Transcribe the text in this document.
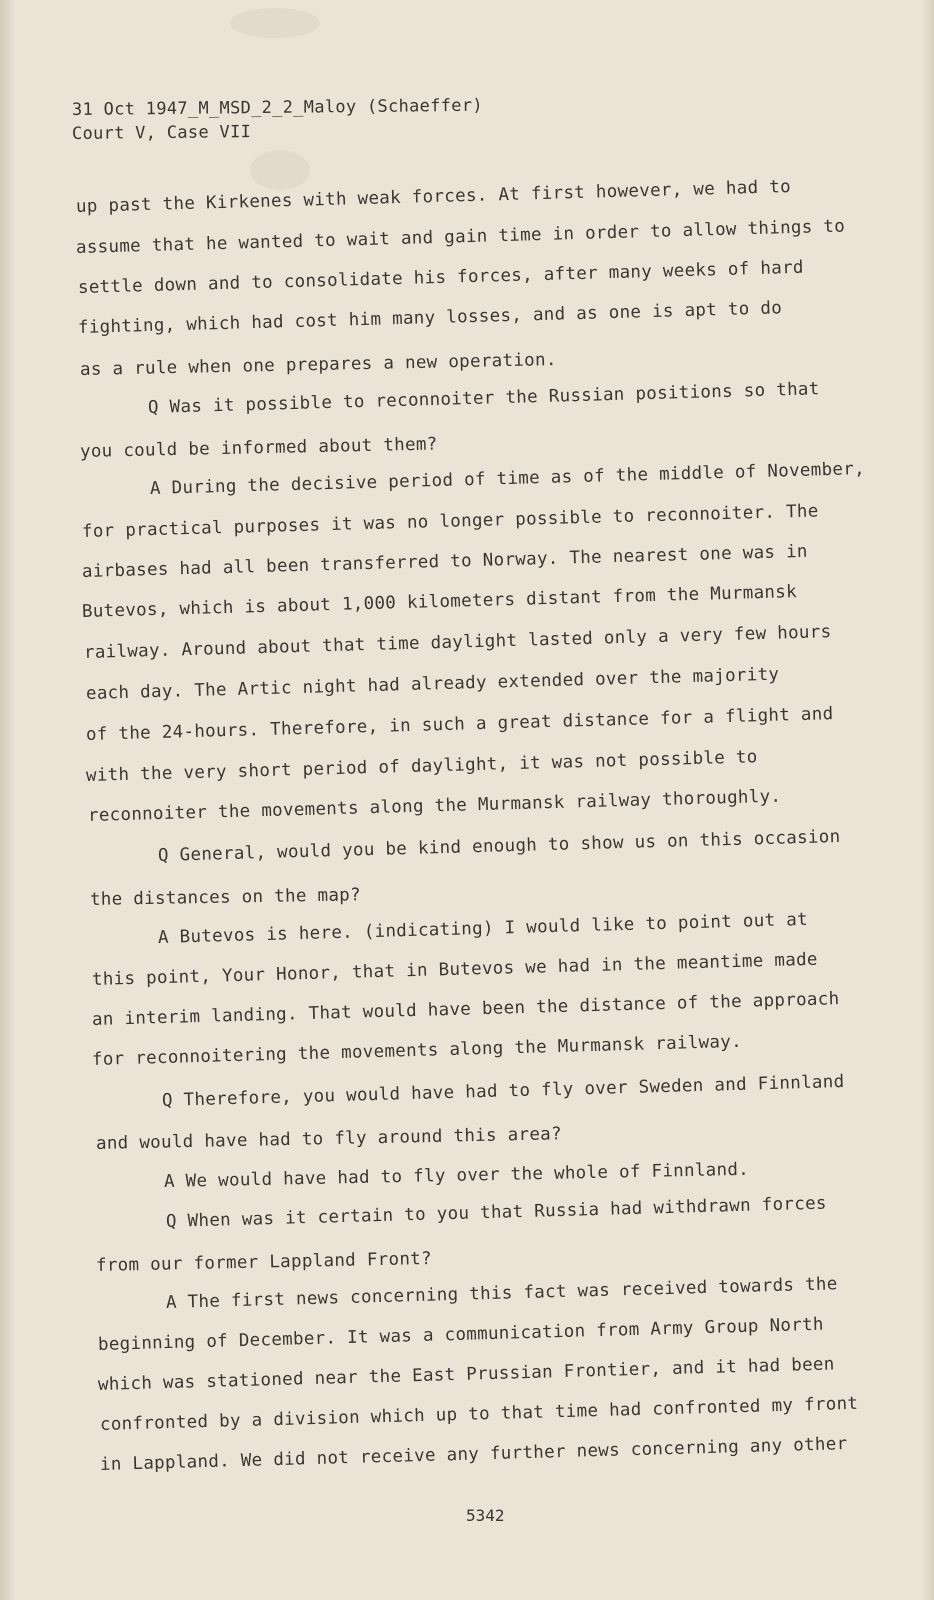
31 Oct 1947_M_MSD_2_2_Maloy (Schaeffer)
Court V, Case VII
up past the Kirkenes with weak forces. At first however, we had to
assume that he wanted to wait and gain time in order to allow things to
settle down and to consolidate his forces, after many weeks of hard
fighting, which had cost him many losses, and as one is apt to do
as a rule when one prepares a new operation.
Q Was it possible to reconnoiter the Russian positions so that
you could be informed about them?
A During the decisive period of time as of the middle of November,
for practical purposes it was no longer possible to reconnoiter. The
airbases had all been transferred to Norway. The nearest one was in
Butevos, which is about 1,000 kilometers distant from the Murmansk
railway. Around about that time daylight lasted only a very few hours
each day. The Artic night had already extended over the majority
of the 24-hours. Therefore, in such a great distance for a flight and
with the very short period of daylight, it was not possible to
reconnoiter the movements along the Murmansk railway thoroughly.
Q General, would you be kind enough to show us on this occasion
the distances on the map?
A Butevos is here. (indicating) I would like to point out at
this point, Your Honor, that in Butevos we had in the meantime made
an interim landing. That would have been the distance of the approach
for reconnoitering the movements along the Murmansk railway.
Q Therefore, you would have had to fly over Sweden and Finnland
and would have had to fly around this area?
A We would have had to fly over the whole of Finnland.
Q When was it certain to you that Russia had withdrawn forces
from our former Lappland Front?
A The first news concerning this fact was received towards the
beginning of December. It was a communication from Army Group North
which was stationed near the East Prussian Frontier, and it had been
confronted by a division which up to that time had confronted my front
in Lappland. We did not receive any further news concerning any other
5342
